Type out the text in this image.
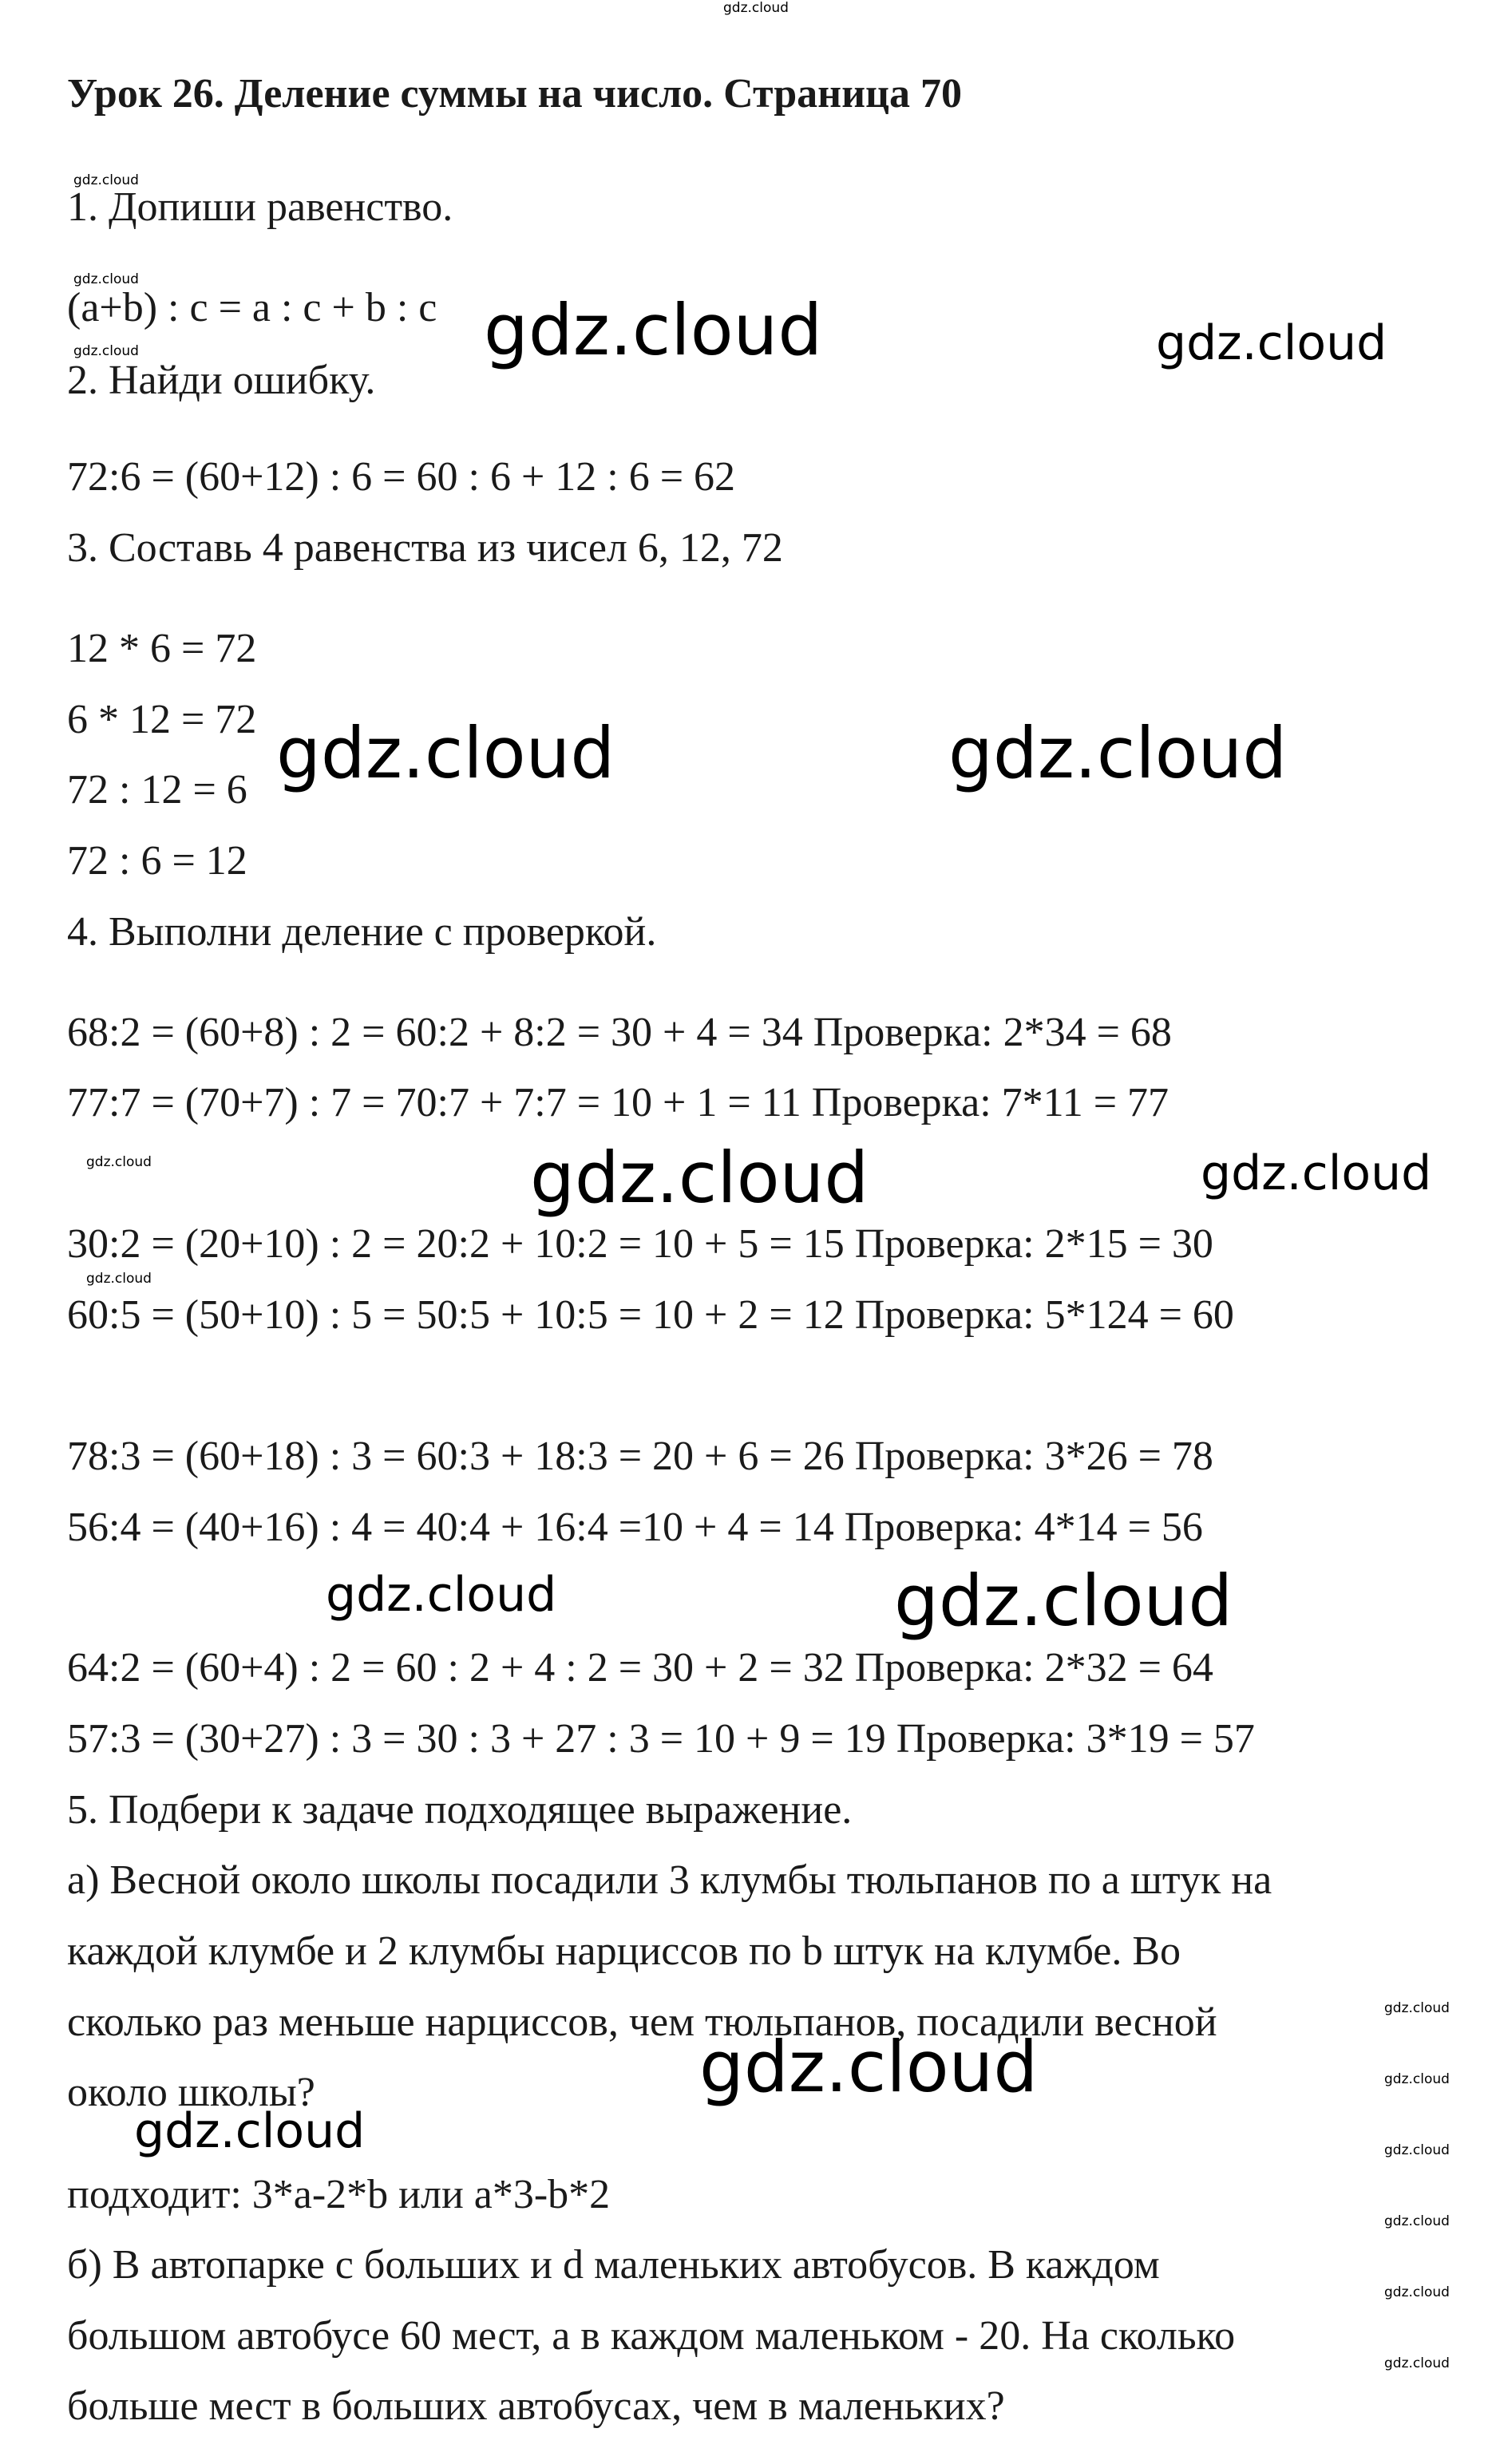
gdz.cloud
Урок 26. Деление суммы на число. Страница 70
1. Допиши равенство.
(a+b) : c = a : c + b : c
2. Найди ошибку.
72:6 = (60+12) : 6 = 60 : 6 + 12 : 6 = 62
3. Составь 4 равенства из чисел 6, 12, 72
12 * 6 = 72
6 * 12 = 72
72 : 12 = 6
72 : 6 = 12
4. Выполни деление с проверкой.
68:2 = (60+8) : 2 = 60:2 + 8:2 = 30 + 4 = 34 Проверка: 2*34 = 68
77:7 = (70+7) : 7 = 70:7 + 7:7 = 10 + 1 = 11 Проверка: 7*11 = 77
30:2 = (20+10) : 2 = 20:2 + 10:2 = 10 + 5 = 15 Проверка: 2*15 = 30
60:5 = (50+10) : 5 = 50:5 + 10:5 = 10 + 2 = 12 Проверка: 5*124 = 60
78:3 = (60+18) : 3 = 60:3 + 18:3 = 20 + 6 = 26 Проверка: 3*26 = 78
56:4 = (40+16) : 4 = 40:4 + 16:4 =10 + 4 = 14 Проверка: 4*14 = 56
64:2 = (60+4) : 2 = 60 : 2 + 4 : 2 = 30 + 2 = 32 Проверка: 2*32 = 64
57:3 = (30+27) : 3 = 30 : 3 + 27 : 3 = 10 + 9 = 19 Проверка: 3*19 = 57
5. Подбери к задаче подходящее выражение.
а) Весной около школы посадили 3 клумбы тюльпанов по a штук на
каждой клумбе и 2 клумбы нарциссов по b штук на клумбе. Во
сколько раз меньше нарциссов, чем тюльпанов, посадили весной
около школы?
подходит: 3*a-2*b или a*3-b*2
б) В автопарке с больших и d маленьких автобусов. В каждом
большом автобусе 60 мест, а в каждом маленьком - 20. На сколько
больше мест в больших автобусах, чем в маленьких?
gdz.cloud	gdz.cloud
gdz.cloud	gdz.cloud
gdz.cloud	gdz.cloud
gdz.cloud	gdz.cloud
gdz.cloud
gdz.cloud
gdz.cloud
gdz.cloud
gdz.cloud
gdz.cloud
gdz.cloud
gdz.cloud
gdz.cloud
gdz.cloud
gdz.cloud
gdz.cloud
gdz.cloud
